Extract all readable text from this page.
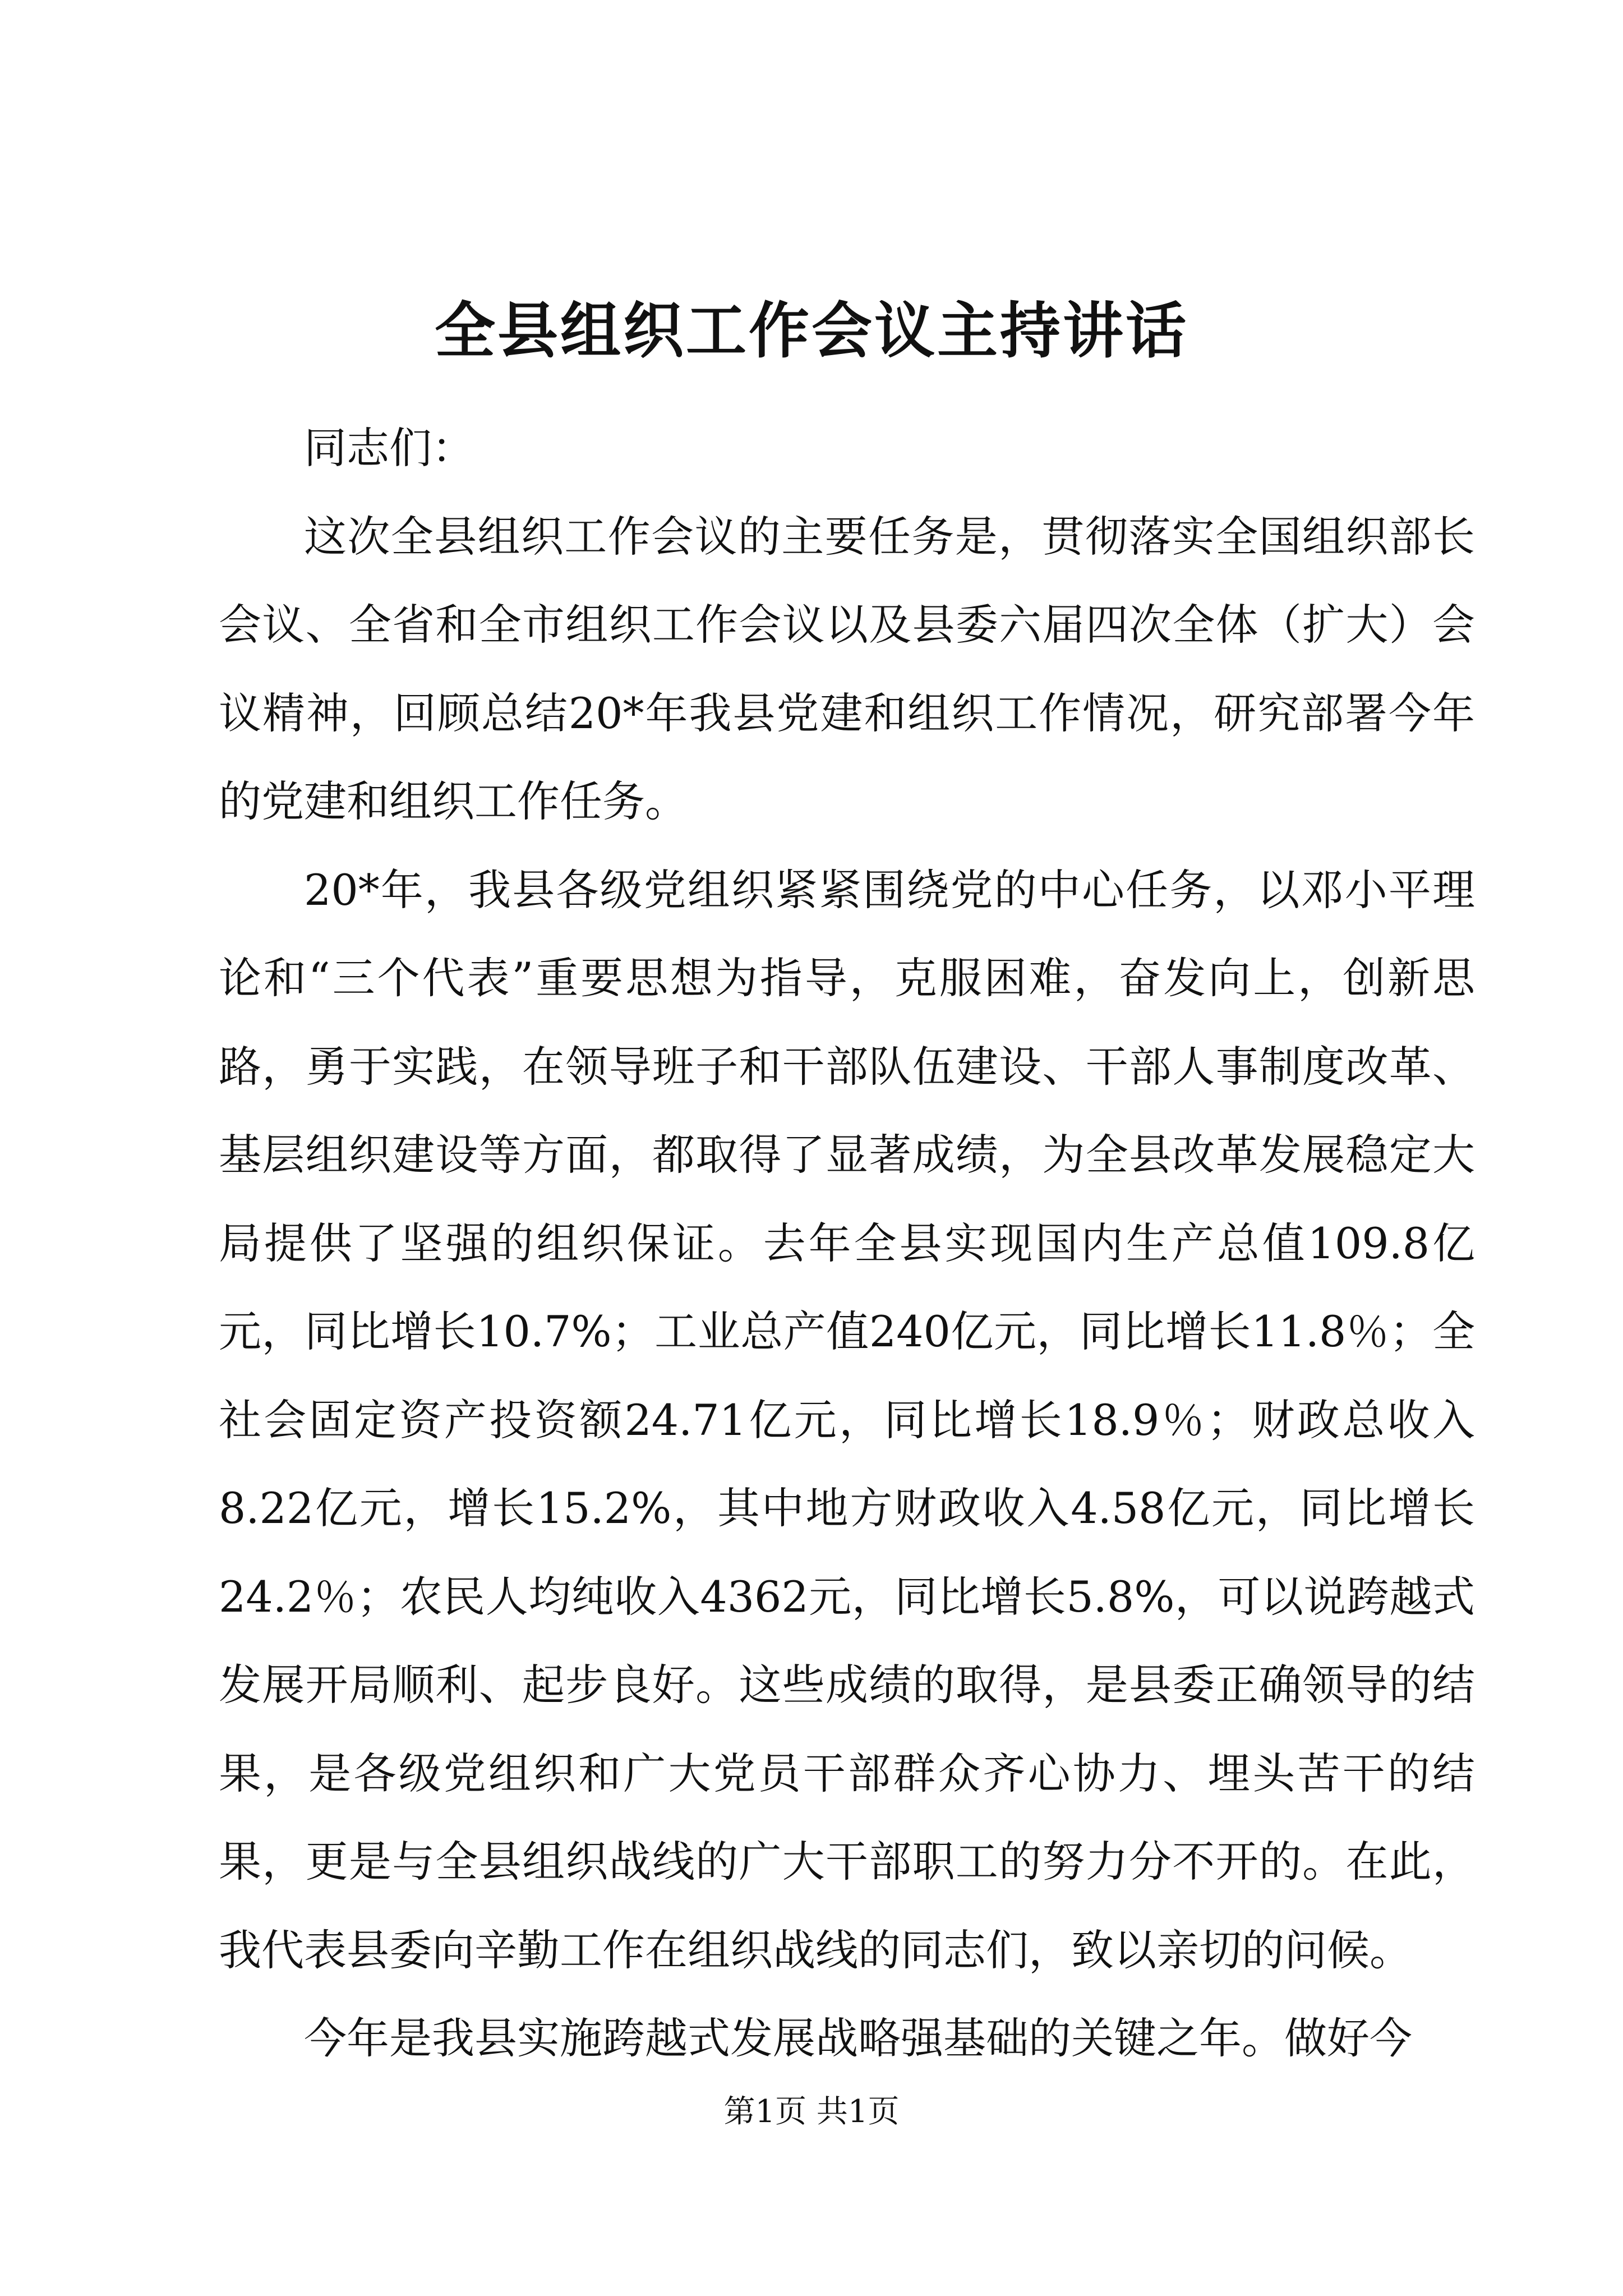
全县组织工作会议主持讲话

同志们：

这次全县组织工作会议的主要任务是，贯彻落实全国组织部长会议、全省和全市组织工作会议以及县委六届四次全体（扩大）会议精神，回顾总结20*年我县党建和组织工作情况，研究部署今年的党建和组织工作任务。

20*年，我县各级党组织紧紧围绕党的中心任务，以邓小平理论和“三个代表”重要思想为指导，克服困难，奋发向上，创新思路，勇于实践，在领导班子和干部队伍建设、干部人事制度改革、基层组织建设等方面，都取得了显著成绩，为全县改革发展稳定大局提供了坚强的组织保证。去年全县实现国内生产总值109.8亿元，同比增长10.7%；工业总产值240亿元，同比增长11.8％；全社会固定资产投资额24.71亿元，同比增长18.9％；财政总收入8.22亿元，增长15.2%，其中地方财政收入4.58亿元，同比增长24.2％；农民人均纯收入4362元，同比增长5.8%，可以说跨越式发展开局顺利、起步良好。这些成绩的取得，是县委正确领导的结果，是各级党组织和广大党员干部群众齐心协力、埋头苦干的结果，更是与全县组织战线的广大干部职工的努力分不开的。在此，我代表县委向辛勤工作在组织战线的同志们，致以亲切的问候。

今年是我县实施跨越式发展战略强基础的关键之年。做好今

第1页 共1页
